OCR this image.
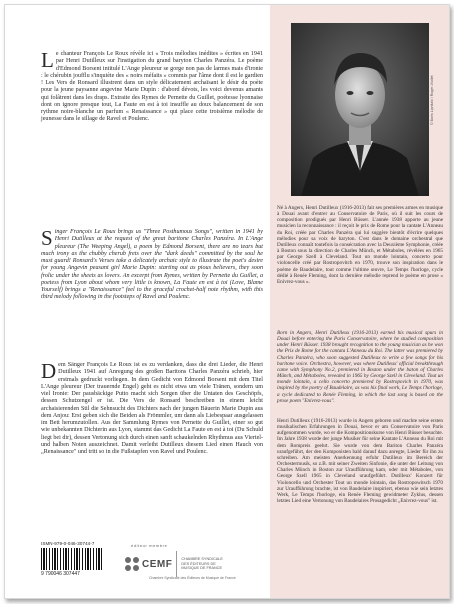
Le chanteur François Le Roux révèle ici « Trois mélodies inédites » écrites en 1941 par Henri Dutilleux sur l'instigation du grand baryton Charles Panzéra. Le poème d'Edmond Borsent intitulé L'Ange pleureur se gorge non pas de larmes mais d'ironie : le chérubin joufflu s'inquiète des « noirs méfaits » commis par l'âme dont il est le gardien ! Les Vers de Ronsard illustrent dans un style délicatement archaïsant le désir du poète pour la jeune paysanne angevine Marie Dupin : d'abord dévots, les voici devenus amants qui folâtrent dans les draps. Extraite des Rymes de Pernette du Guillet, poétesse lyonnaise dont on ignore presque tout, La Faute en est à toi insuffle au doux balancement de son rythme noire-blanche un parfum « Renaissance » qui place cette troisième mélodie de jeunesse dans le sillage de Ravel et Poulenc.

Singer François Le Roux brings us "Three Posthumous Songs", written in 1941 by Henri Dutilleux at the request of the great baritone Charles Panzéra. In L'Ange pleureur (The Weeping Angel), a poem by Edmond Borsent, there are no tears but much irony as the chubby cherub frets over the "dark deeds" committed by the soul he must guard! Ronsard's Verses take a delicately archaic style to illustrate the poet's desire for young Angevin peasant girl Marie Dupin: starting out as pious believers, they soon frolic under the sheets as lovers. An excerpt from Rymes, written by Pernette du Guillet, a poetess from Lyon about whom very little is known, La Faute en est à toi (Love, Blame Yourself) brings a "Renaissance" feel to the graceful crochet-half note rhythm, with this third melody following in the footsteps of Ravel and Poulenc.

Dem Sänger François Le Roux ist es zu verdanken, dass die drei Lieder, die Henri Dutilleux 1941 auf Anregung des großen Baritons Charles Panzéra schrieb, hier erstmals gedruckt vorliegen. In dem Gedicht von Edmond Borsent mit dem Titel L'Ange pleureur (Der trauernde Engel) geht es nicht etwa um viele Tränen, sondern um viel Ironie: Der pausbäckige Putto macht sich Sorgen über die Untaten des Geschöpfs, dessen Schutzengel er ist. Die Vers de Ronsard beschreiben in einem leicht archaisierenden Stil die Sehnsucht des Dichters nach der jungen Bäuerin Marie Dupin aus dem Anjou: Erst geben sich die Beiden als Frömmler, um dann als Liebespaar ausgelassen im Bett herumzutollen. Aus der Sammlung Rymes von Pernette du Guillet, einer so gut wie unbekannten Dichterin aus Lyon, stammt das Gedicht La Faute en est à toi (Du Schuld liegt bei dir), dessen Vertonung sich durch einen sanft schaukelnden Rhythmus aus Viertel- und halben Noten auszeichnet. Damit verleiht Dutilleux diesem Lied einen Hauch von „Renaissance" und tritt so in die Fußstapfen von Ravel und Poulenc.

ISMN-979-0-046-30744-7
9 790046 307447
éditeur membre
CEMF CHAMBRE SYNDICALE DES ÉDITEURS DE MUSIQUE DE FRANCE
Chambre Syndicale des Éditeurs de Musique de France
© Boris Lipnitzki / Roger-Viollet

Né à Angers, Henri Dutilleux (1916-2013) fait ses premières armes en musique à Douai avant d'entrer au Conservatoire de Paris, où il suit les cours de composition prodigués par Henri Büsser. L'année 1938 apporte au jeune musicien la reconnaissance : il reçoit le prix de Rome pour la cantate L'Anneau du Roi, créée par Charles Panzéra qui lui suggère bientôt d'écrire quelques mélodies pour sa voix de baryton. C'est dans le domaine orchestral que Dutilleux connaît toutefois la consécration avec la Deuxième Symphonie, créée à Boston sous la direction de Charles Münch, et Métaboles, révélées en 1965 par George Szell à Cleveland. Tout un monde lointain, concerto pour violoncelle créé par Rostropovitch en 1970, trouve son inspiration dans le poème de Baudelaire, tout comme l'ultime œuvre, Le Temps l'horloge, cycle dédié à Renée Fleming, dont la dernière mélodie reprend le poème en prose « Enivrez-vous ».

Born in Angers, Henri Dutilleux (1916-2013) earned his musical spurs in Douai before entering the Paris Conservatoire, where he studied composition under Henri Büsser. 1938 brought recognition to the young musician as he won the Prix de Rome for the cantata L'Anneau du Roi. The latter was premiered by Charles Panzéra, who soon suggested Dutilleux to write a few songs for his baritone voice. Orchestra, however, was where Dutilleux' official breakthrough came with Symphony No.2, premiered in Boston under the baton of Charles Münch, and Métaboles, revealed in 1965 by George Szell in Cleveland. Tout un monde lointain, a cello concerto premiered by Rostropovich in 1970, was inspired by the poetry of Baudelaire, as was his final work, Le Temps l'horloge, a cycle dedicated to Renée Fleming, in which the last song is based on the prose poem "Enivrez-vous".

Henri Dutilleux (1916-2013) wurde in Angers geboren und machte seine ersten musikalischen Erfahrungen in Douai, bevor er am Conservatoire von Paris aufgenommen wurde, wo er die Kompositionskurse von Henri Büsser besuchte. Im Jahre 1938 wurde der junge Musiker für seine Kantate L'Anneau du Roi mit dem Rompreis geehrt. Sie wurde von dem Bariton Charles Panzéra uraufgeführt, der den Komponisten bald darauf dazu anregte, Lieder für ihn zu schreiben. Am meisten Anerkennung erfuhr Dutilleux im Bereich der Orchestermusik, so z.B. mit seiner Zweiten Sinfonie, die unter der Leitung von Charles Münch in Boston zur Uraufführung kam, oder mit Métaboles, von George Szell 1965 in Cleveland uraufgeführt. Dutilleux' Konzert für Violoncello und Orchester Tout un monde lointain, das Rostropowitsch 1970 zur Uraufführung brachte, ist von Baudelaire inspiriert, ebenso wie sein letztes Werk, Le Temps l'horloge, ein Renée Fleming gewidmeter Zyklus, dessen letztes Lied eine Vertonung von Baudelaires Prosagedicht „Enivrez-vous" ist.
